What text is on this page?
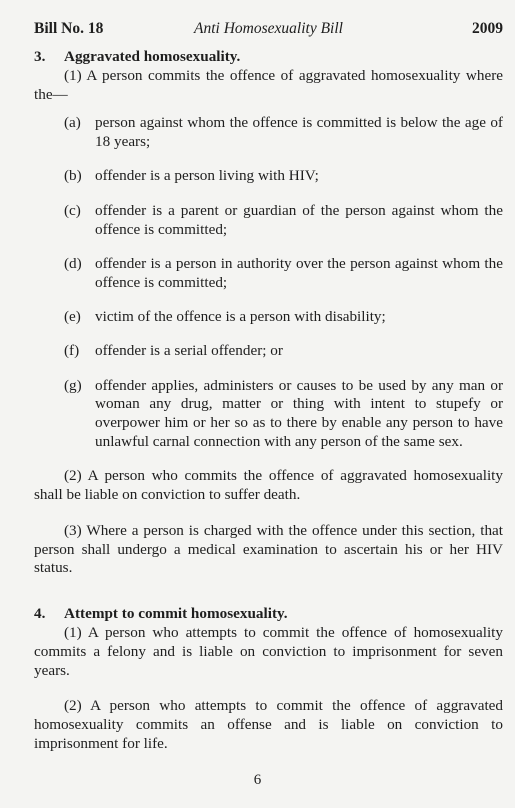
Bill No. 18	Anti Homosexuality Bill	2009

3. Aggravated homosexuality.

(1) A person commits the offence of aggravated homosexuality where the—

(a) person against whom the offence is committed is below the age of 18 years;
(b) offender is a person living with HIV;
(c) offender is a parent or guardian of the person against whom the offence is committed;
(d) offender is a person in authority over the person against whom the offence is committed;
(e) victim of the offence is a person with disability;
(f)	offender is a serial offender; or
(g) offender applies, administers or causes to be used by any man or woman any drug, matter or thing with intent to stupefy or overpower him or her so as to there by enable any person to have unlawful carnal connection with any person of the same sex.

(2) A person who commits the offence of aggravated homosexuality shall be liable on conviction to suffer death.

(3) Where a person is charged with the offence under this section, that person shall undergo a medical examination to ascertain his or her HIV status.

4. Attempt to commit homosexuality.

(1) A person who attempts to commit the offence of homosexuality commits a felony and is liable on conviction to imprisonment for seven years.

(2) A person who attempts to commit the offence of aggravated homosexuality commits an offense and is liable on conviction to imprisonment for life.

6
